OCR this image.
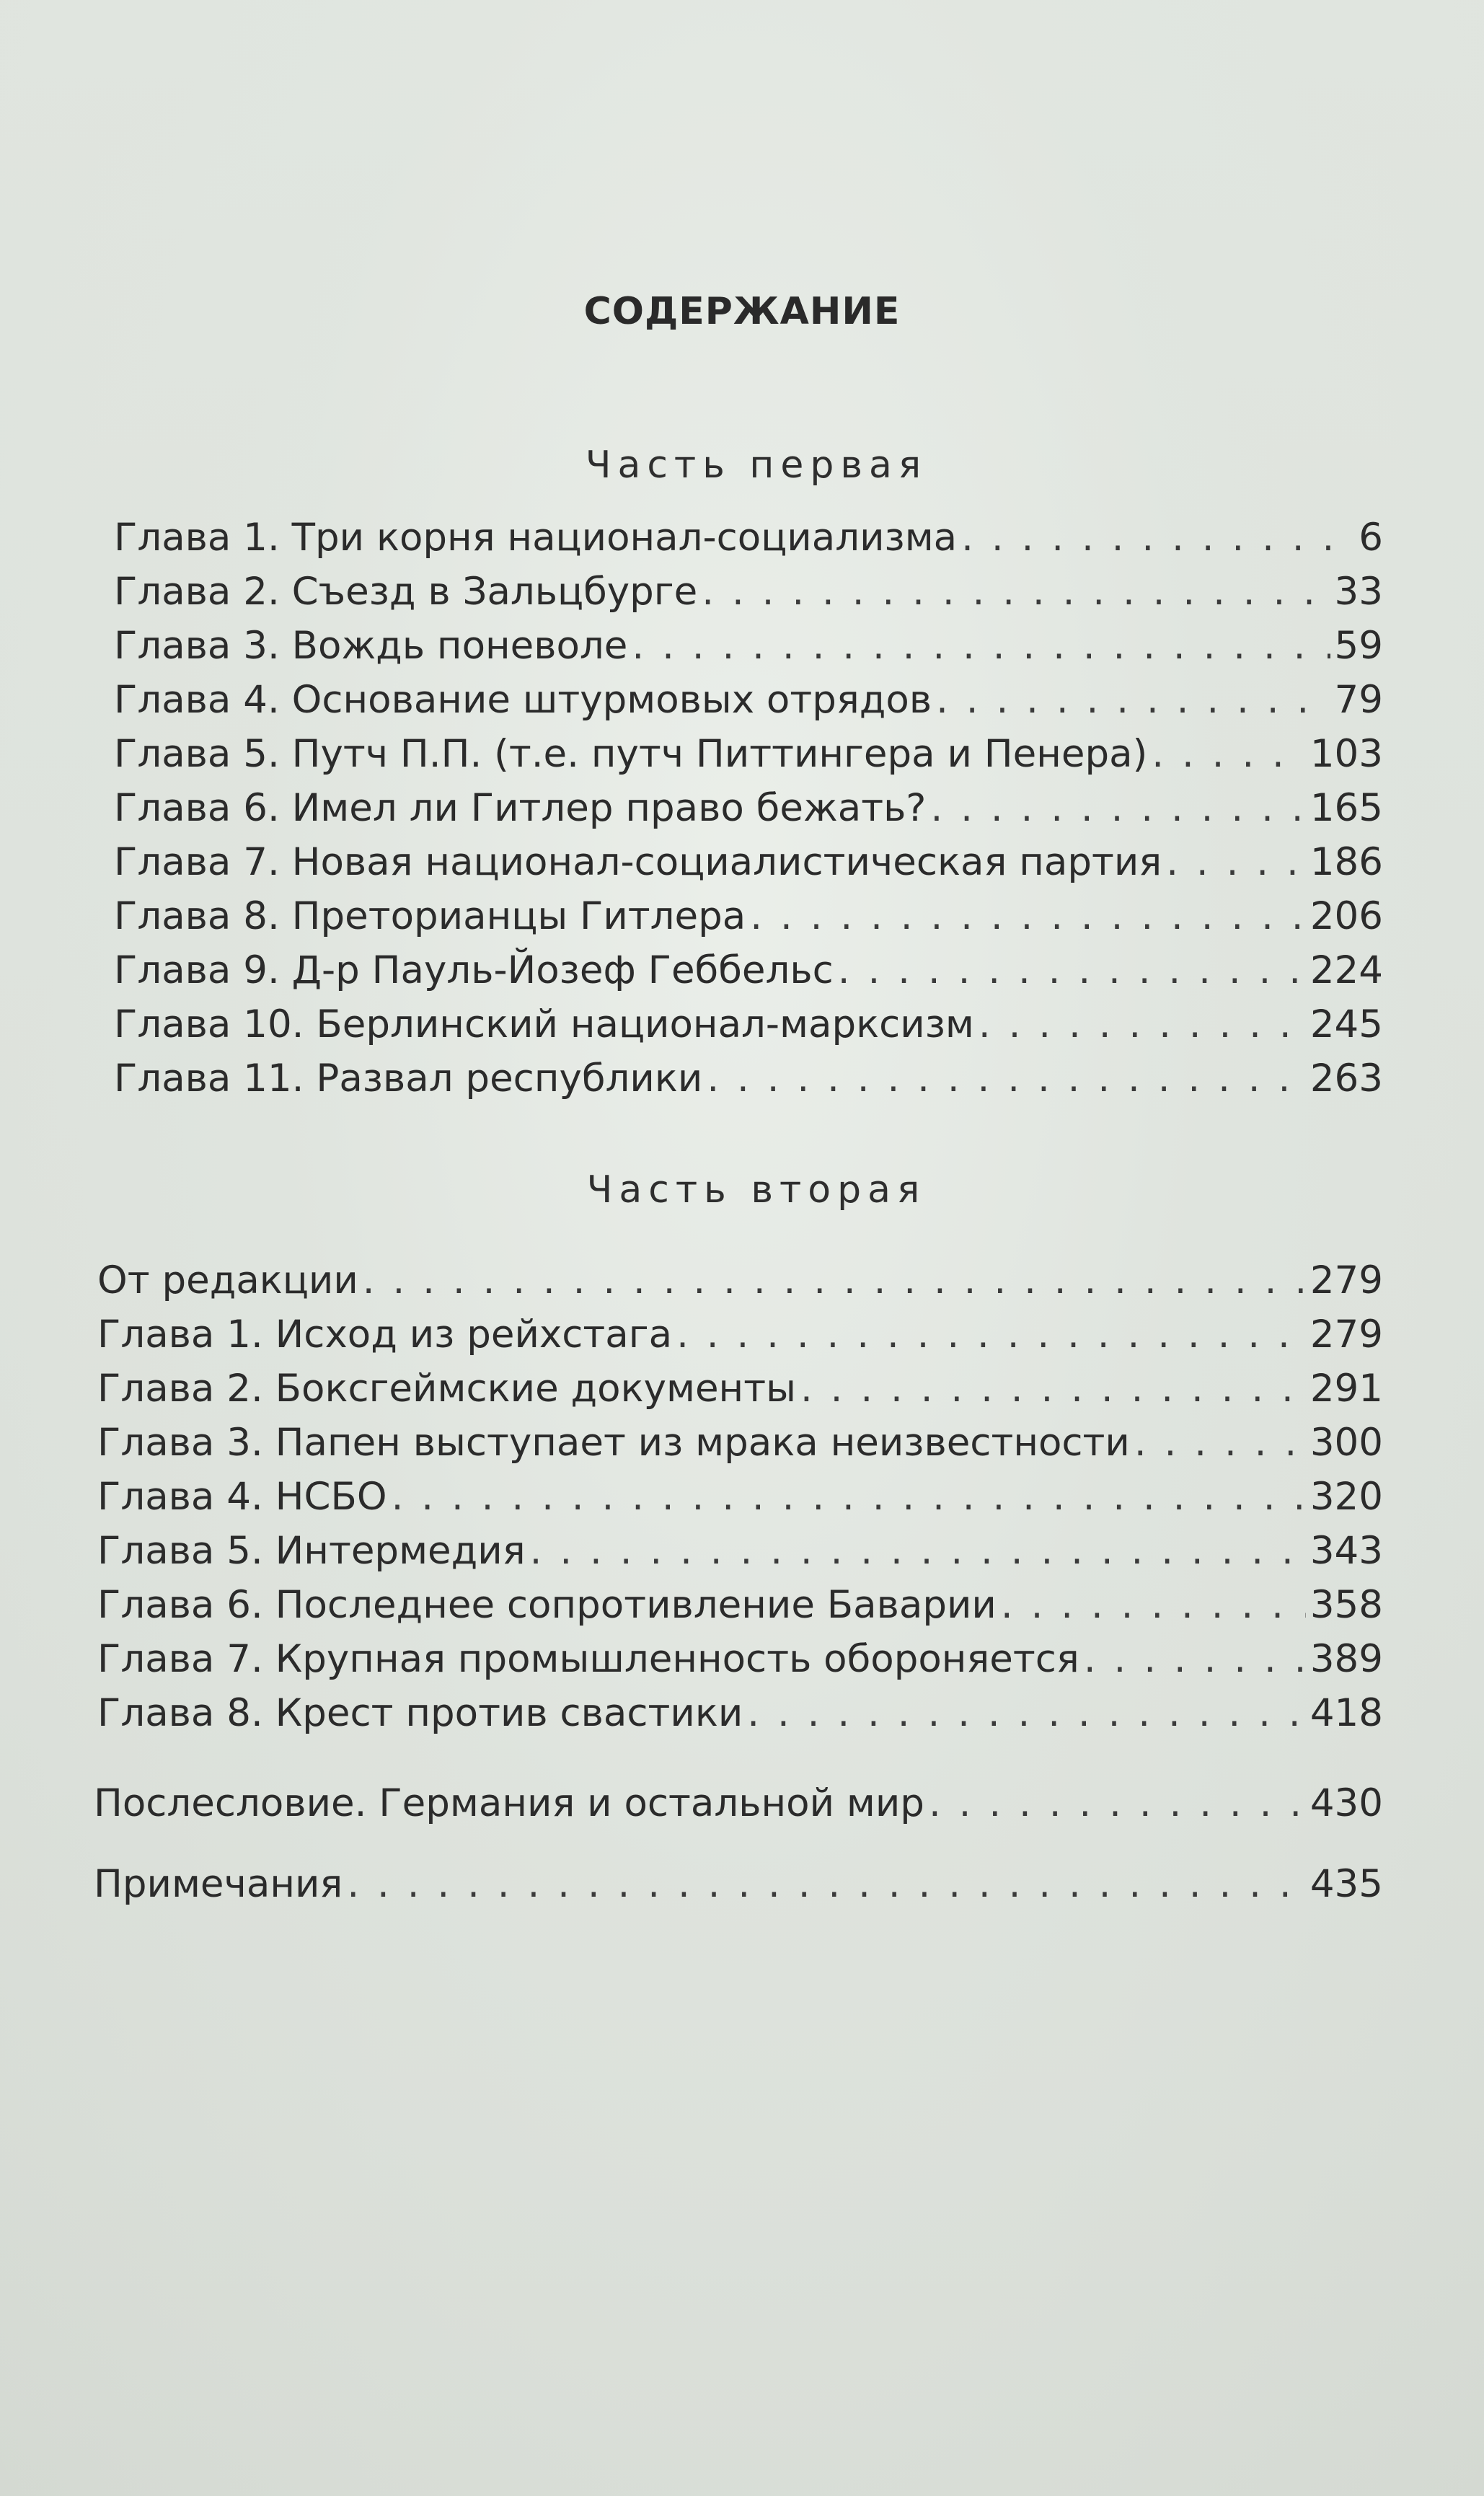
СОДЕРЖАНИЕ
Часть первая
Глава 1. Три корня национал-социализма . . .	6
Глава 2. Съезд в Зальцбурге . . .	33
Глава 3. Вождь поневоле . . .	59
Глава 4. Основание штурмовых отрядов . . .	79
Глава 5. Путч П.П. (т.е. путч Питтингера и Пенера) . . .	103
Глава 6. Имел ли Гитлер право бежать? . . .	165
Глава 7. Новая национал-социалистическая партия . . .	186
Глава 8. Преторианцы Гитлера . . .	206
Глава 9. Д-р Пауль-Йозеф Геббельс . . .	224
Глава 10. Берлинский национал-марксизм . . .	245
Глава 11. Развал республики . . .	263
Часть вторая
От редакции . . .	279
Глава 1. Исход из рейхстага . . .	279
Глава 2. Боксгеймские документы . . .	291
Глава 3. Папен выступает из мрака неизвестности . . .	300
Глава 4. НСБО . . .	320
Глава 5. Интермедия . . .	343
Глава 6. Последнее сопротивление Баварии . . .	358
Глава 7. Крупная промышленность обороняется . . .	389
Глава 8. Крест против свастики . . .	418
Послесловие. Германия и остальной мир . . .	430
Примечания . . .	435
